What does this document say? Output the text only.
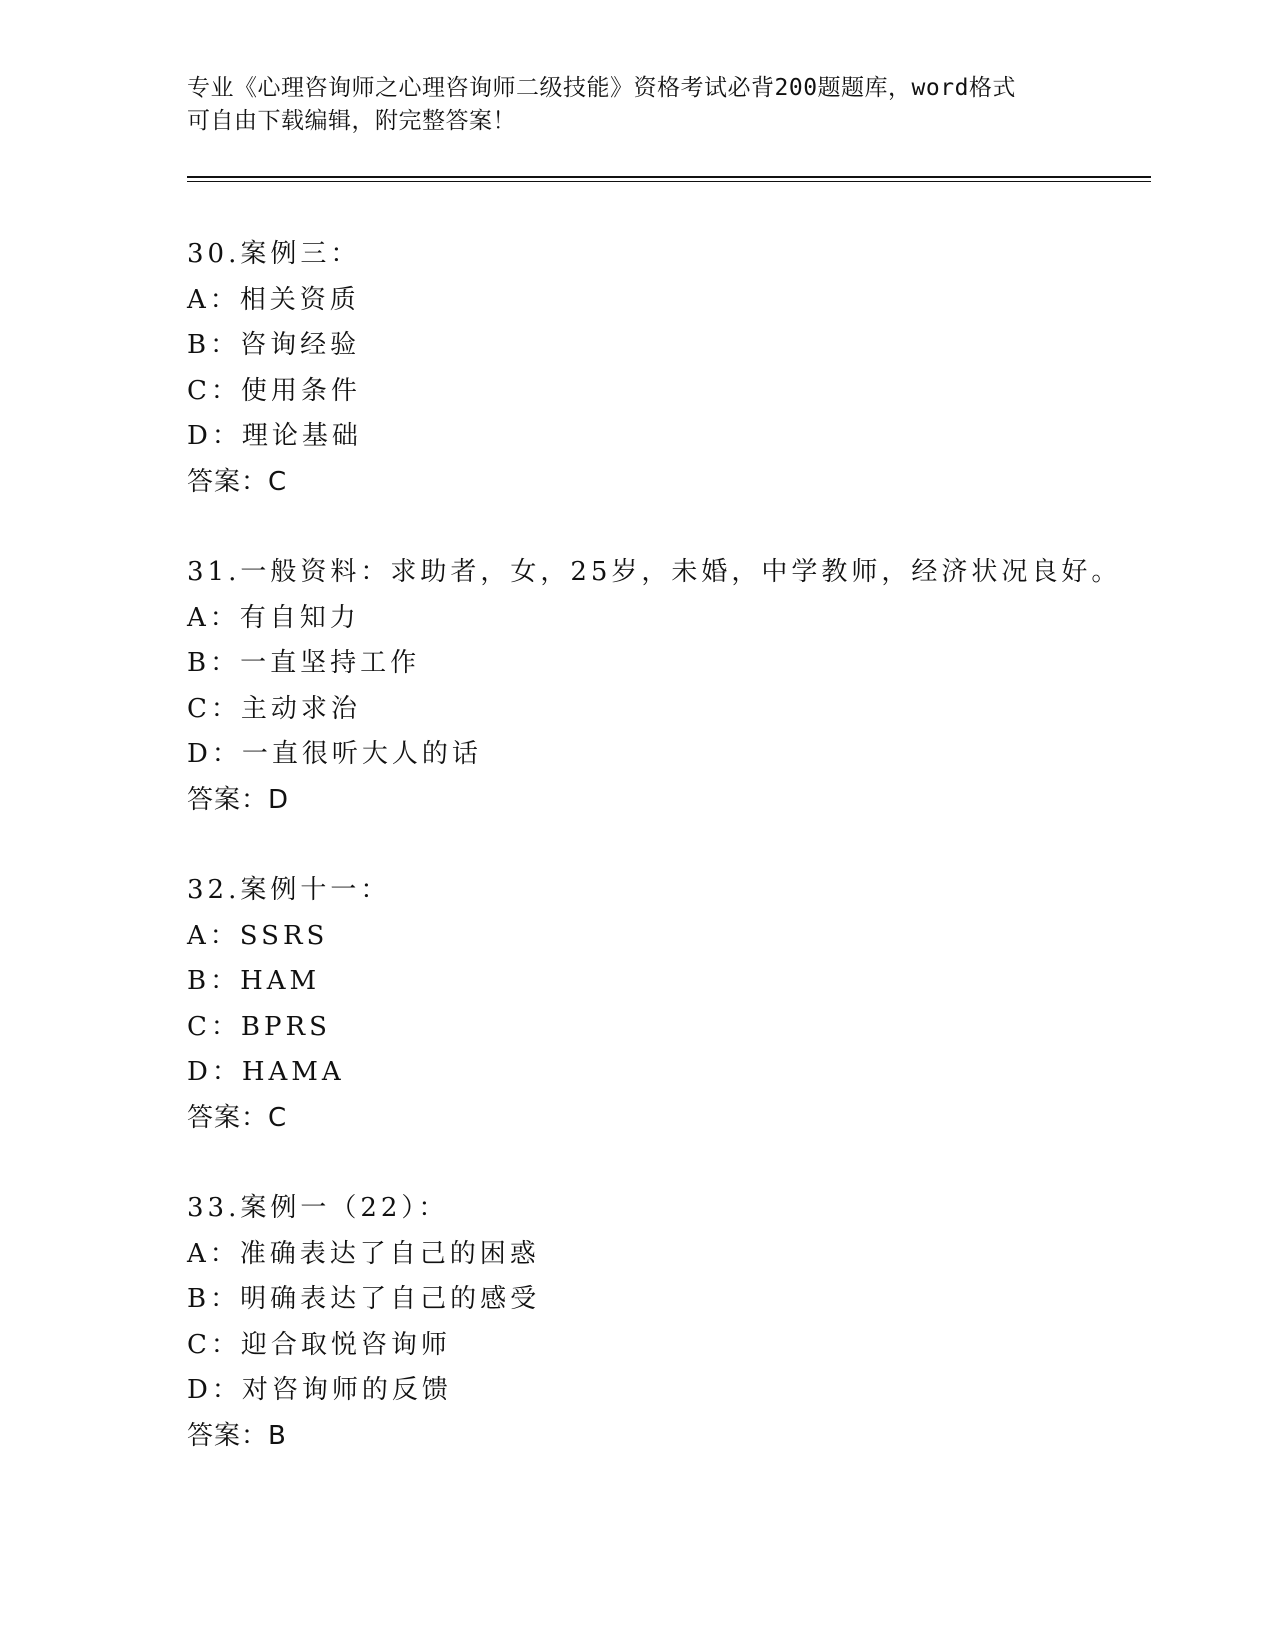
专业《心理咨询师之心理咨询师二级技能》资格考试必背200题题库，word格式
可自由下载编辑，附完整答案！
30.案例三：
A：相关资质
B：咨询经验
C：使用条件
D：理论基础
答案：C
31.一般资料：求助者，女，25岁，未婚，中学教师，经济状况良好。
A：有自知力
B：一直坚持工作
C：主动求治
D：一直很听大人的话
答案：D
32.案例十一：
A：SSRS
B：HAM
C：BPRS
D：HAMA
答案：C
33.案例一（22）：
A：准确表达了自己的困惑
B：明确表达了自己的感受
C：迎合取悦咨询师
D：对咨询师的反馈
答案：B
